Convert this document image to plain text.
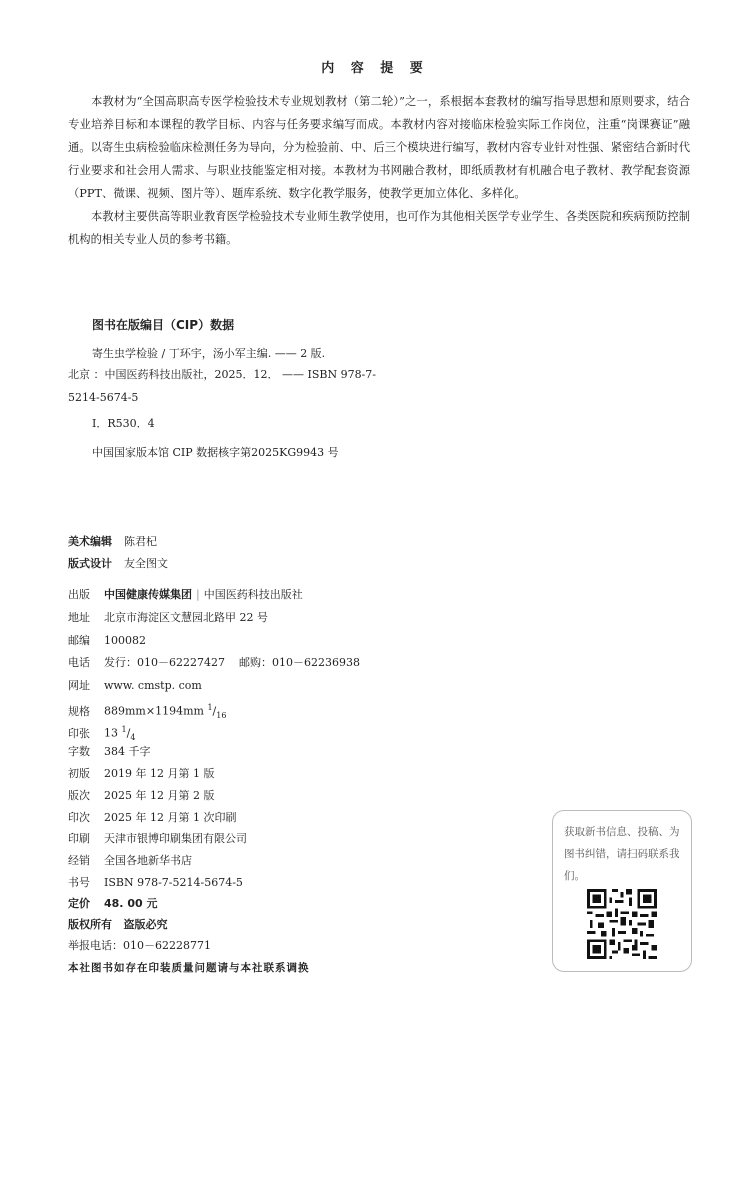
内 容 提 要

本教材为“全国高职高专医学检验技术专业规划教材（第二轮）”之一，系根据本套教材的编写指导思想和原则要求，结合专业培养目标和本课程的教学目标、内容与任务要求编写而成。本教材内容对接临床检验实际工作岗位，注重“岗课赛证”融通。以寄生虫病检验临床检测任务为导向，分为检验前、中、后三个模块进行编写，教材内容专业针对性强、紧密结合新时代行业要求和社会用人需求、与职业技能鉴定相对接。本教材为书网融合教材，即纸质教材有机融合电子教材、教学配套资源（PPT、微课、视频、图片等）、题库系统、数字化教学服务，使教学更加立体化、多样化。

本教材主要供高等职业教育医学检验技术专业师生教学使用，也可作为其他相关医学专业学生、各类医院和疾病预防控制机构的相关专业人员的参考书籍。

图书在版编目（CIP）数据
寄生虫学检验 / 丁环宇，汤小军主编. —— 2 版.
北京 ：中国医药科技出版社，2025．12． —— ISBN 978-7-
5214-5674-5
Ⅰ．R530．4
中国国家版本馆 CIP 数据核字第2025KG9943 号
美术编辑 陈君杞
版式设计 友全图文
出版 中国健康传媒集团 | 中国医药科技出版社
地址 北京市海淀区文慧园北路甲 22 号
邮编 100082
电话 发行：010－62227427    邮购：010－62236938
网址 www. cmstp. com
规格 889mm×1194mm $^1/_{16}$
印张 13 $^1/_4$
字数 384 千字
初版 2019 年 12 月第 1 版
版次 2025 年 12 月第 2 版
印次 2025 年 12 月第 1 次印刷
印刷 天津市银博印刷集团有限公司
经销 全国各地新华书店
书号 ISBN 978-7-5214-5674-5
定价 48. 00 元
版权所有 盗版必究
举报电话：010－62228771
本社图书如存在印装质量问题请与本社联系调换
获取新书信息、投稿、为图书纠错，请扫码联系我们。
